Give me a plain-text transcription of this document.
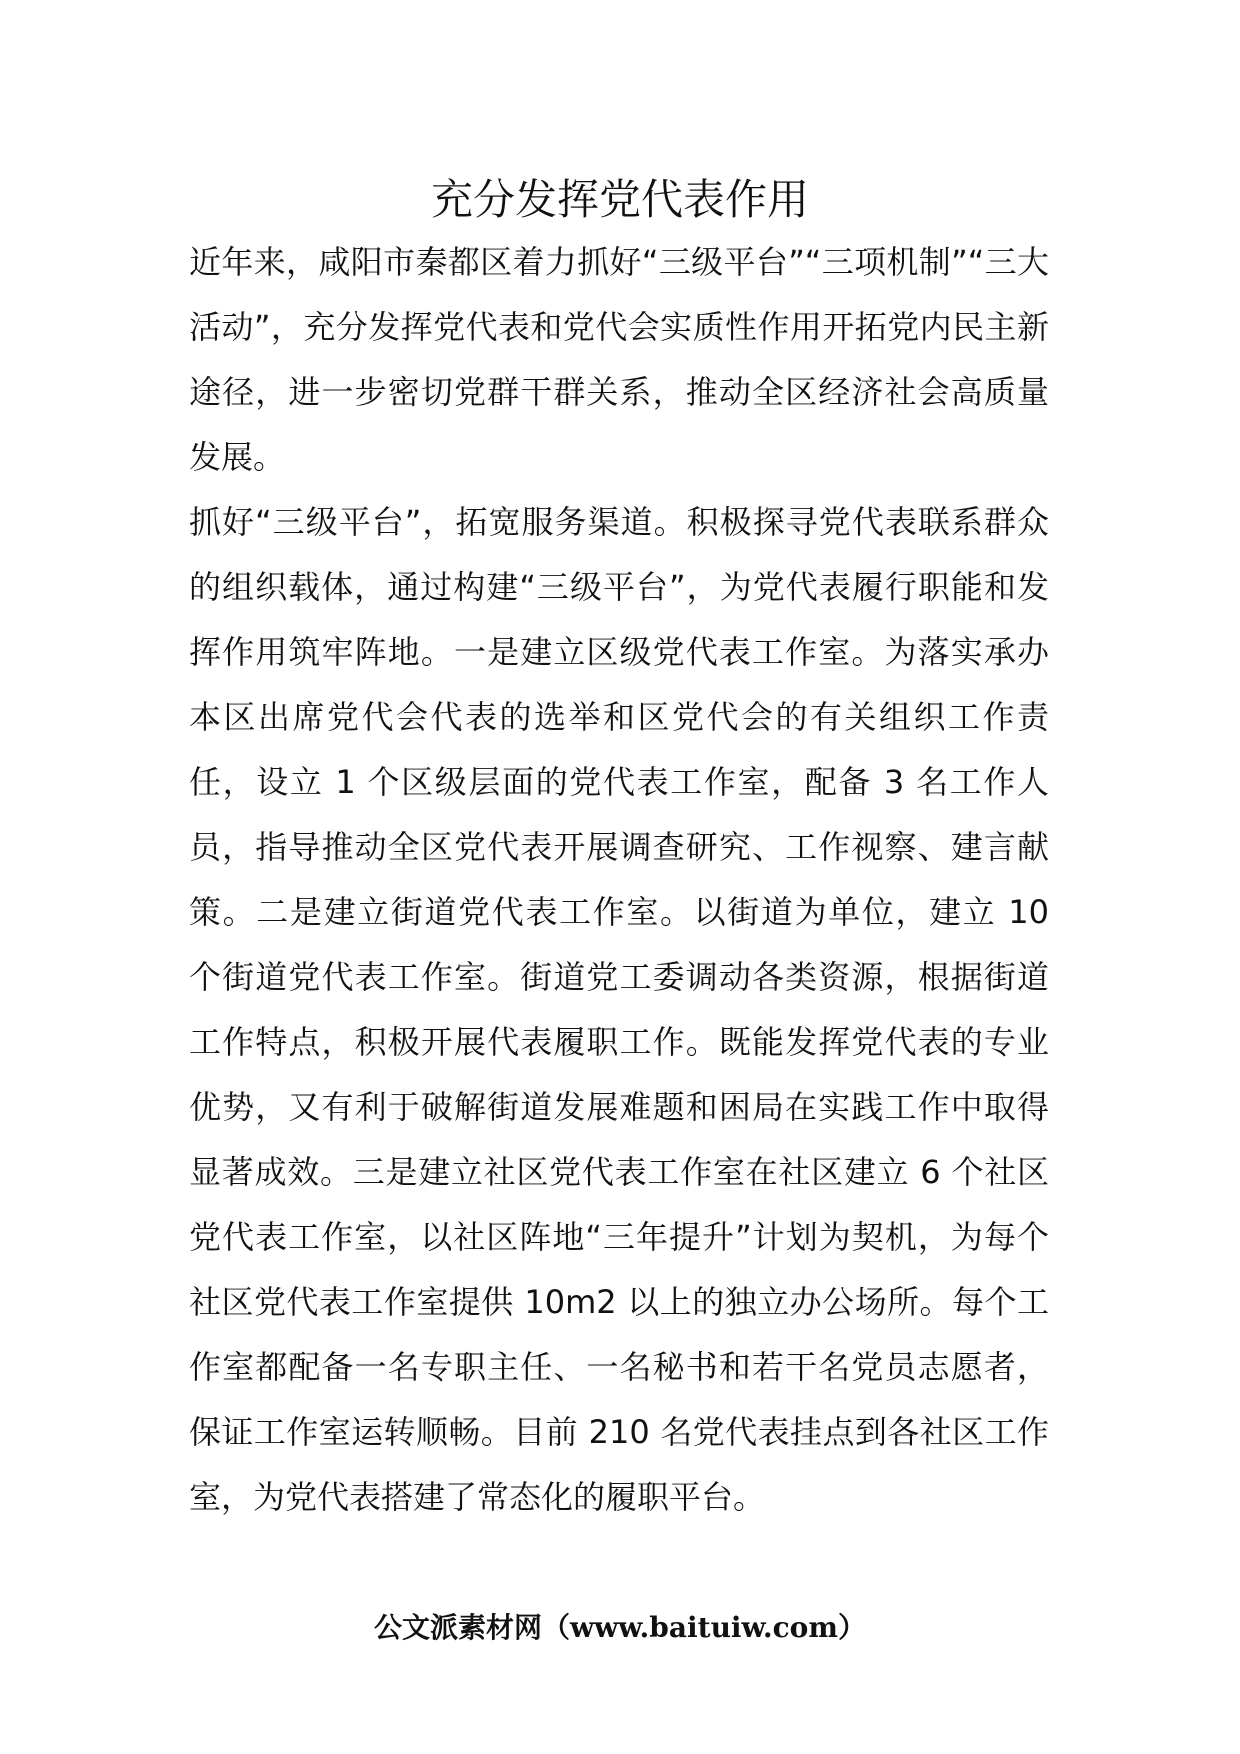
充分发挥党代表作用

近年来，咸阳市秦都区着力抓好“三级平台”“三项机制”“三大活动”，充分发挥党代表和党代会实质性作用开拓党内民主新途径，进一步密切党群干群关系，推动全区经济社会高质量发展。

抓好“三级平台”，拓宽服务渠道。积极探寻党代表联系群众的组织载体，通过构建“三级平台”，为党代表履行职能和发挥作用筑牢阵地。一是建立区级党代表工作室。为落实承办本区出席党代会代表的选举和区党代会的有关组织工作责任，设立 1 个区级层面的党代表工作室，配备 3 名工作人员，指导推动全区党代表开展调查研究、工作视察、建言献策。二是建立街道党代表工作室。以街道为单位，建立 10 个街道党代表工作室。街道党工委调动各类资源，根据街道工作特点，积极开展代表履职工作。既能发挥党代表的专业优势，又有利于破解街道发展难题和困局在实践工作中取得显著成效。三是建立社区党代表工作室在社区建立 6 个社区党代表工作室，以社区阵地“三年提升”计划为契机，为每个社区党代表工作室提供 10m2 以上的独立办公场所。每个工作室都配备一名专职主任、一名秘书和若干名党员志愿者，保证工作室运转顺畅。目前 210 名党代表挂点到各社区工作室，为党代表搭建了常态化的履职平台。

公文派素材网（www.baituiw.com）
